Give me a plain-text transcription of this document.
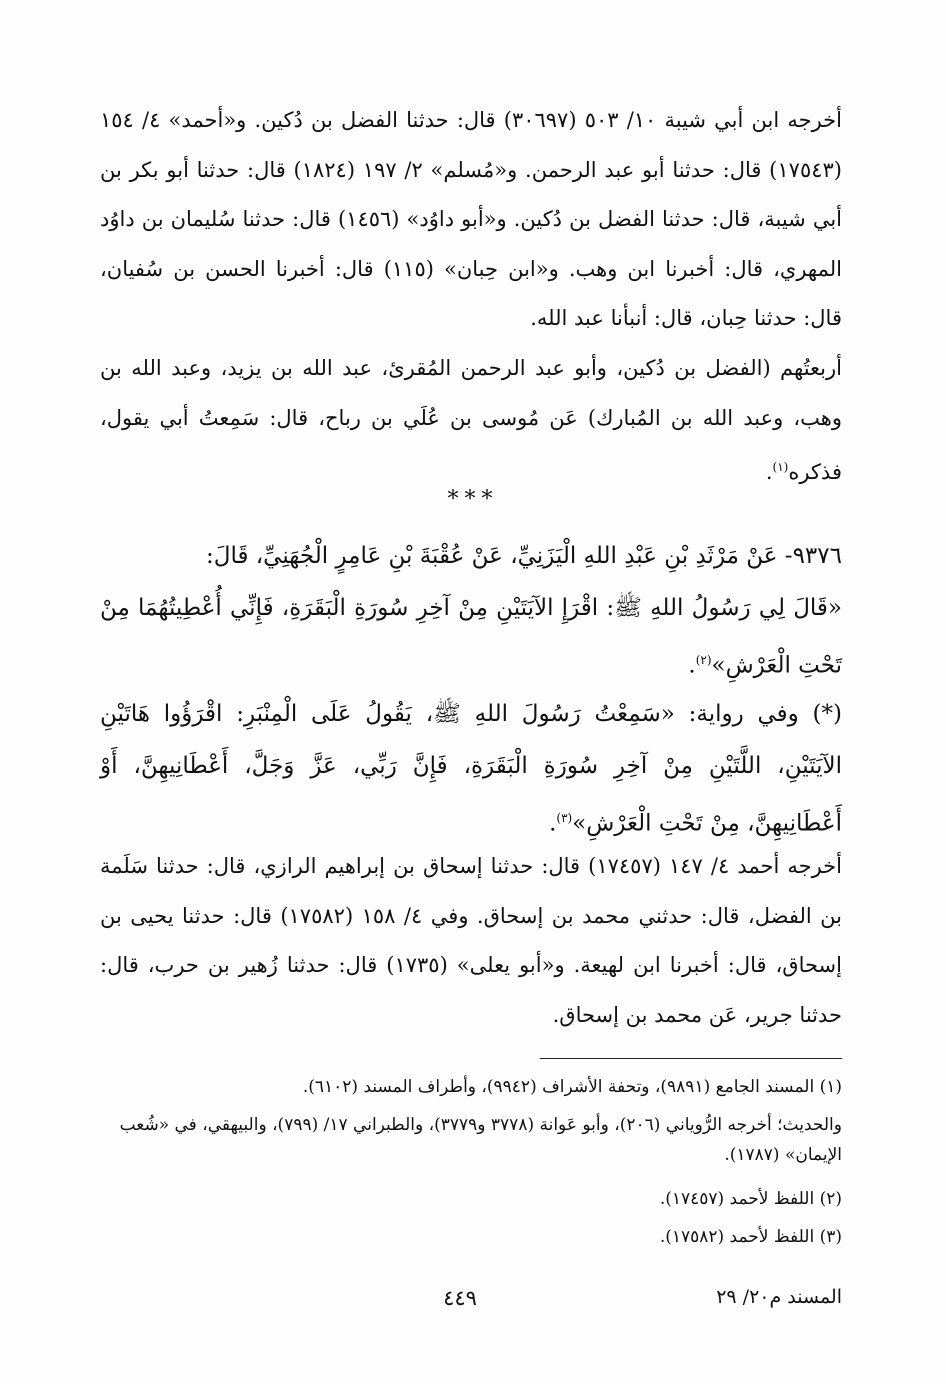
أخرجه ابن أبي شيبة ١٠/ ٥٠٣ (٣٠٦٩٧) قال: حدثنا الفضل بن دُكين. و«أحمد» ٤/ ١٥٤ (١٧٥٤٣) قال: حدثنا أبو عبد الرحمن. و«مُسلم» ٢/ ١٩٧ (١٨٢٤) قال: حدثنا أبو بكر بن أبي شيبة، قال: حدثنا الفضل بن دُكين. و«أبو داوُد» (١٤٥٦) قال: حدثنا سُليمان بن داوُد المهري، قال: أخبرنا ابن وهب. و«ابن حِبان» (١١٥) قال: أخبرنا الحسن بن سُفيان، قال: حدثنا حِبان، قال: أنبأنا عبد الله.

أربعتُهم (الفضل بن دُكين، وأبو عبد الرحمن المُقرئ، عبد الله بن يزيد، وعبد الله بن وهب، وعبد الله بن المُبارك) عَن مُوسى بن عُلَي بن رباح، قال: سَمِعتُ أبي يقول، فذكره$^{(١)}$.

***

٩٣٧٦- عَنْ مَرْثَدِ بْنِ عَبْدِ اللهِ الْيَزَنِيِّ، عَنْ عُقْبَةَ بْنِ عَامِرٍ الْجُهَنِيِّ، قَالَ:

«قَالَ لِي رَسُولُ اللهِ ﷺ: اقْرَإِ الآيَتَيْنِ مِنْ آخِرِ سُورَةِ الْبَقَرَةِ، فَإِنِّي أُعْطِيتُهُمَا مِنْ تَحْتِ الْعَرْشِ»$^{(٢)}$.

(*) وفي رواية: «سَمِعْتُ رَسُولَ اللهِ ﷺ، يَقُولُ عَلَى الْمِنْبَرِ: اقْرَؤُوا هَاتَيْنِ الآيَتَيْنِ، اللَّتَيْنِ مِنْ آخِرِ سُورَةِ الْبَقَرَةِ، فَإِنَّ رَبِّي، عَزَّ وَجَلَّ، أَعْطَانِيهِنَّ، أَوْ أَعْطَانِيهِنَّ، مِنْ تَحْتِ الْعَرْشِ»$^{(٣)}$.

أخرجه أحمد ٤/ ١٤٧ (١٧٤٥٧) قال: حدثنا إسحاق بن إبراهيم الرازي، قال: حدثنا سَلَمة بن الفضل، قال: حدثني محمد بن إسحاق. وفي ٤/ ١٥٨ (١٧٥٨٢) قال: حدثنا يحيى بن إسحاق، قال: أخبرنا ابن لهيعة. و«أبو يعلى» (١٧٣٥) قال: حدثنا زُهير بن حرب، قال: حدثنا جرير، عَن محمد بن إسحاق.

(١) المسند الجامع (٩٨٩١)، وتحفة الأشراف (٩٩٤٢)، وأطراف المسند (٦١٠٢).

والحديث؛ أخرجه الرُّوياني (٢٠٦)، وأبو عَوانة (٣٧٧٨ و٣٧٧٩)، والطبراني ١٧/ (٧٩٩)، والبيهقي، في «شُعب الإيمان» (١٧٨٧).

(٢) اللفظ لأحمد (١٧٤٥٧).

(٣) اللفظ لأحمد (١٧٥٨٢).

٤٤٩	المسند م٢٠/ ٢٩
